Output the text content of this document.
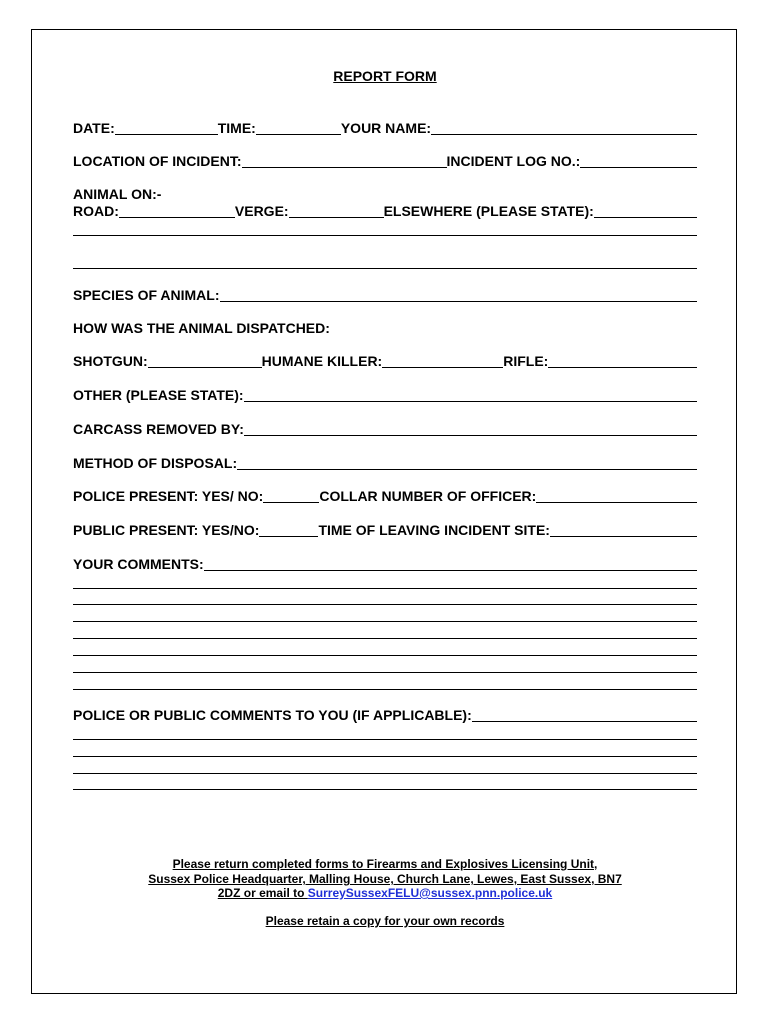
REPORT FORM
DATE:	TIME:	YOUR NAME:
LOCATION OF INCIDENT:	INCIDENT LOG NO.:
ANIMAL ON:-
ROAD:	VERGE:	ELSEWHERE (PLEASE STATE):
SPECIES OF ANIMAL:
HOW WAS THE ANIMAL DISPATCHED:
SHOTGUN:	HUMANE KILLER:	RIFLE:
OTHER (PLEASE STATE):
CARCASS REMOVED BY:
METHOD OF DISPOSAL:
POLICE PRESENT: YES/ NO:	COLLAR NUMBER OF OFFICER:
PUBLIC PRESENT: YES/NO:	TIME OF LEAVING INCIDENT SITE:
YOUR COMMENTS:
POLICE OR PUBLIC COMMENTS TO YOU (IF APPLICABLE):
Please return completed forms to Firearms and Explosives Licensing Unit,
Sussex Police Headquarter, Malling House, Church Lane, Lewes, East Sussex, BN7
2DZ or email to SurreySussexFELU@sussex.pnn.police.uk
Please retain a copy for your own records
